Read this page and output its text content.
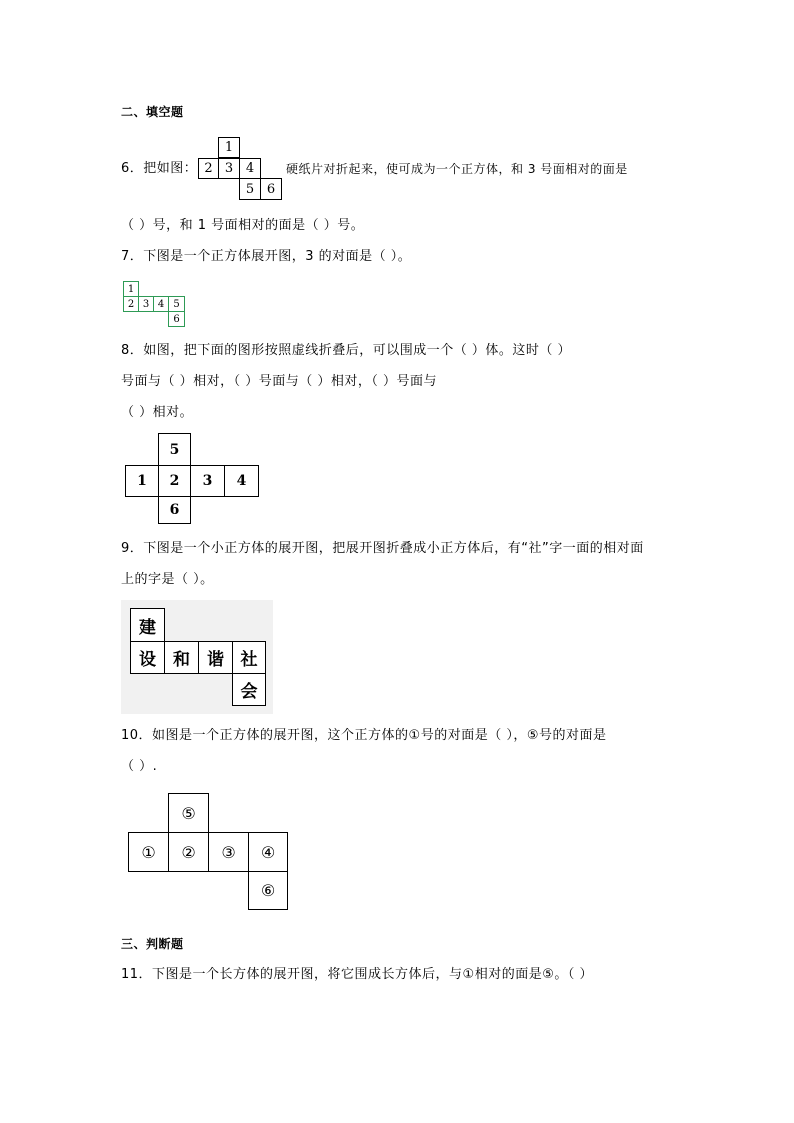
二、填空题
6．把如图：
1
2 3 4
5 6
硬纸片对折起来，使可成为一个正方体，和 3 号面相对的面是
（ ）号，和 1 号面相对的面是（ ）号。
7．下图是一个正方体展开图，3 的对面是（ ）。
1
2 3 4 5
6
8．如图，把下面的图形按照虚线折叠后，可以围成一个（ ）体。这时（ ）
号面与（ ）相对，（ ）号面与（ ）相对，（ ）号面与
（ ）相对。
5
1	2	3	4
6
9．下图是一个小正方体的展开图，把展开图折叠成小正方体后，有“社”字一面的相对面
上的字是（ ）。
建
设	和	谐 社
会
10．如图是一个正方体的展开图，这个正方体的①号的对面是（ ），⑤号的对面是
（ ）.
⑤
①	②	③	④
⑥
三、判断题
11．下图是一个长方体的展开图，将它围成长方体后，与①相对的面是⑤。（ ）
